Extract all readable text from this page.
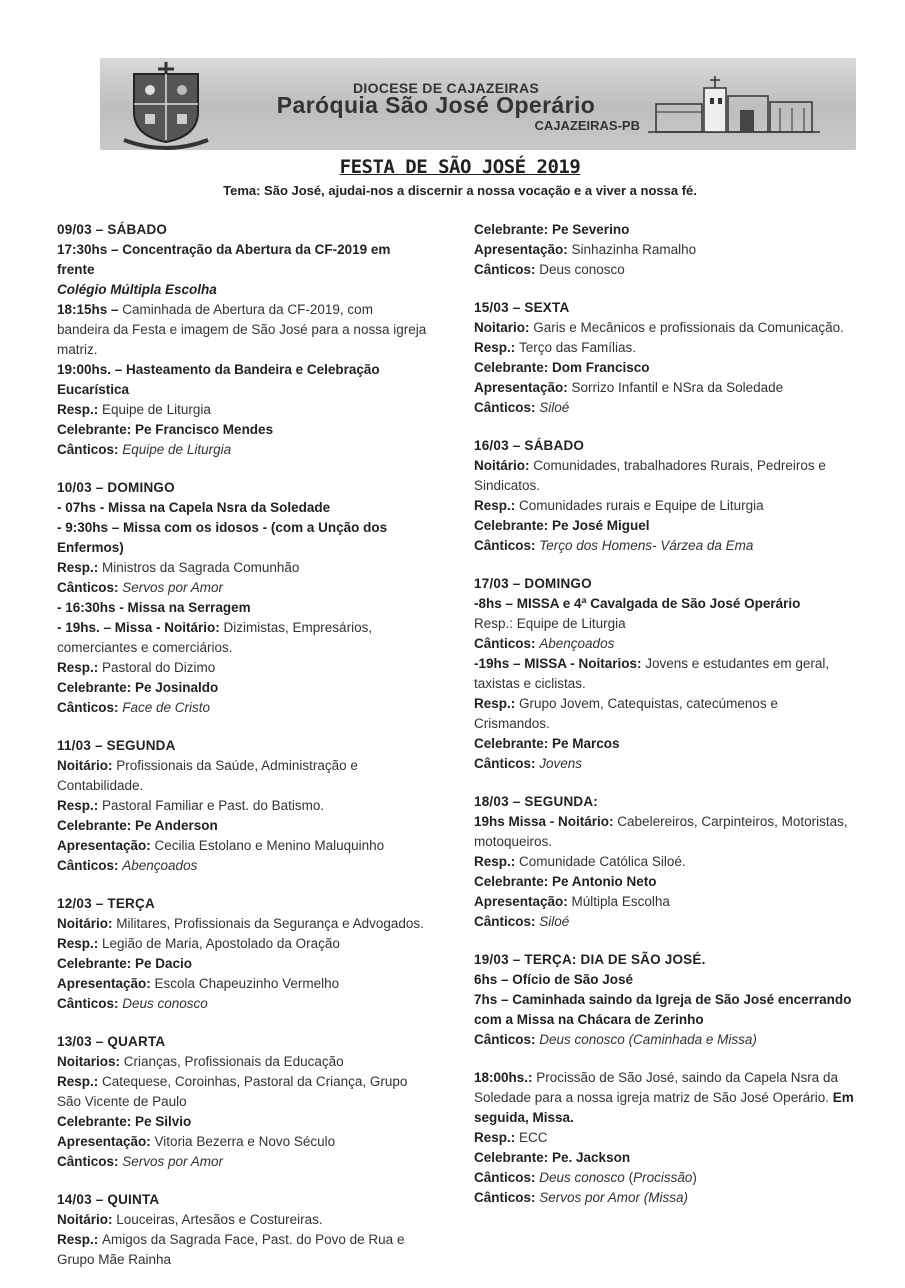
DIOCESE DE CAJAZEIRAS
Paróquia São José Operário
CAJAZEIRAS-PB
FESTA DE SÃO JOSÉ 2019
Tema: São José, ajudai-nos a discernir a nossa vocação e a viver a nossa fé.
09/03 – SÁBADO
17:30hs – Concentração da Abertura da CF-2019 em frente
Colégio Múltipla Escolha
18:15hs – Caminhada de Abertura da CF-2019, com bandeira da Festa e imagem de São José para a nossa igreja matriz.
19:00hs. – Hasteamento da Bandeira e Celebração Eucarística
Resp.: Equipe de Liturgia
Celebrante: Pe Francisco Mendes
Cânticos: Equipe de Liturgia
10/03 – DOMINGO
- 07hs - Missa na Capela Nsra da Soledade
- 9:30hs – Missa com os idosos - (com a Unção dos Enfermos)
Resp.: Ministros da Sagrada Comunhão
Cânticos: Servos por Amor
- 16:30hs - Missa na Serragem
- 19hs. – Missa - Noitário: Dizimistas, Empresários, comerciantes e comerciários.
Resp.: Pastoral do Dizimo
Celebrante: Pe Josinaldo
Cânticos: Face de Cristo
11/03 – SEGUNDA
Noitário: Profissionais da Saúde, Administração e Contabilidade.
Resp.: Pastoral Familiar e Past. do Batismo.
Celebrante: Pe Anderson
Apresentação: Cecilia Estolano e Menino Maluquinho
Cânticos: Abençoados
12/03 – TERÇA
Noitário: Militares, Profissionais da Segurança e Advogados.
Resp.: Legião de Maria, Apostolado da Oração
Celebrante: Pe Dacio
Apresentação: Escola Chapeuzinho Vermelho
Cânticos: Deus conosco
13/03 – QUARTA
Noitarios: Crianças, Profissionais da Educação
Resp.: Catequese, Coroinhas, Pastoral da Criança, Grupo São Vicente de Paulo
Celebrante: Pe Silvio
Apresentação: Vitoria Bezerra e Novo Século
Cânticos: Servos por Amor
14/03 – QUINTA
Noitário: Louceiras, Artesãos e Costureiras.
Resp.: Amigos da Sagrada Face, Past. do Povo de Rua e Grupo Mãe Rainha
Celebrante: Pe Severino
Apresentação: Sinhazinha Ramalho
Cânticos: Deus conosco
15/03 – SEXTA
Noitario: Garis e Mecânicos e profissionais da Comunicação.
Resp.: Terço das Famílias.
Celebrante: Dom Francisco
Apresentação: Sorrizo Infantil e NSra da Soledade
Cânticos: Siloé
16/03 – SÁBADO
Noitário: Comunidades, trabalhadores Rurais, Pedreiros e Sindicatos.
Resp.: Comunidades rurais e Equipe de Liturgia
Celebrante: Pe José Miguel
Cânticos: Terço dos Homens- Várzea da Ema
17/03 – DOMINGO
-8hs – MISSA e 4ª Cavalgada de São José Operário
Resp.: Equipe de Liturgia
Cânticos: Abençoados
-19hs – MISSA - Noitarios: Jovens e estudantes em geral, taxistas e ciclistas.
Resp.: Grupo Jovem, Catequistas, catecúmenos e Crismandos.
Celebrante: Pe Marcos
Cânticos: Jovens
18/03 – SEGUNDA:
19hs Missa - Noitário: Cabelereiros, Carpinteiros, Motoristas, motoqueiros.
Resp.: Comunidade Católica Siloé.
Celebrante: Pe Antonio Neto
Apresentação: Múltipla Escolha
Cânticos: Siloé
19/03 – TERÇA: DIA DE SÃO JOSÉ.
6hs – Ofício de São José
7hs – Caminhada saindo da Igreja de São José encerrando com a Missa na Chácara de Zerinho
Cânticos: Deus conosco (Caminhada e Missa)
18:00hs.: Procissão de São José, saindo da Capela Nsra da Soledade para a nossa igreja matriz de São José Operário. Em seguida, Missa.
Resp.: ECC
Celebrante: Pe. Jackson
Cânticos: Deus conosco (Procissão)
Cânticos: Servos por Amor (Missa)
